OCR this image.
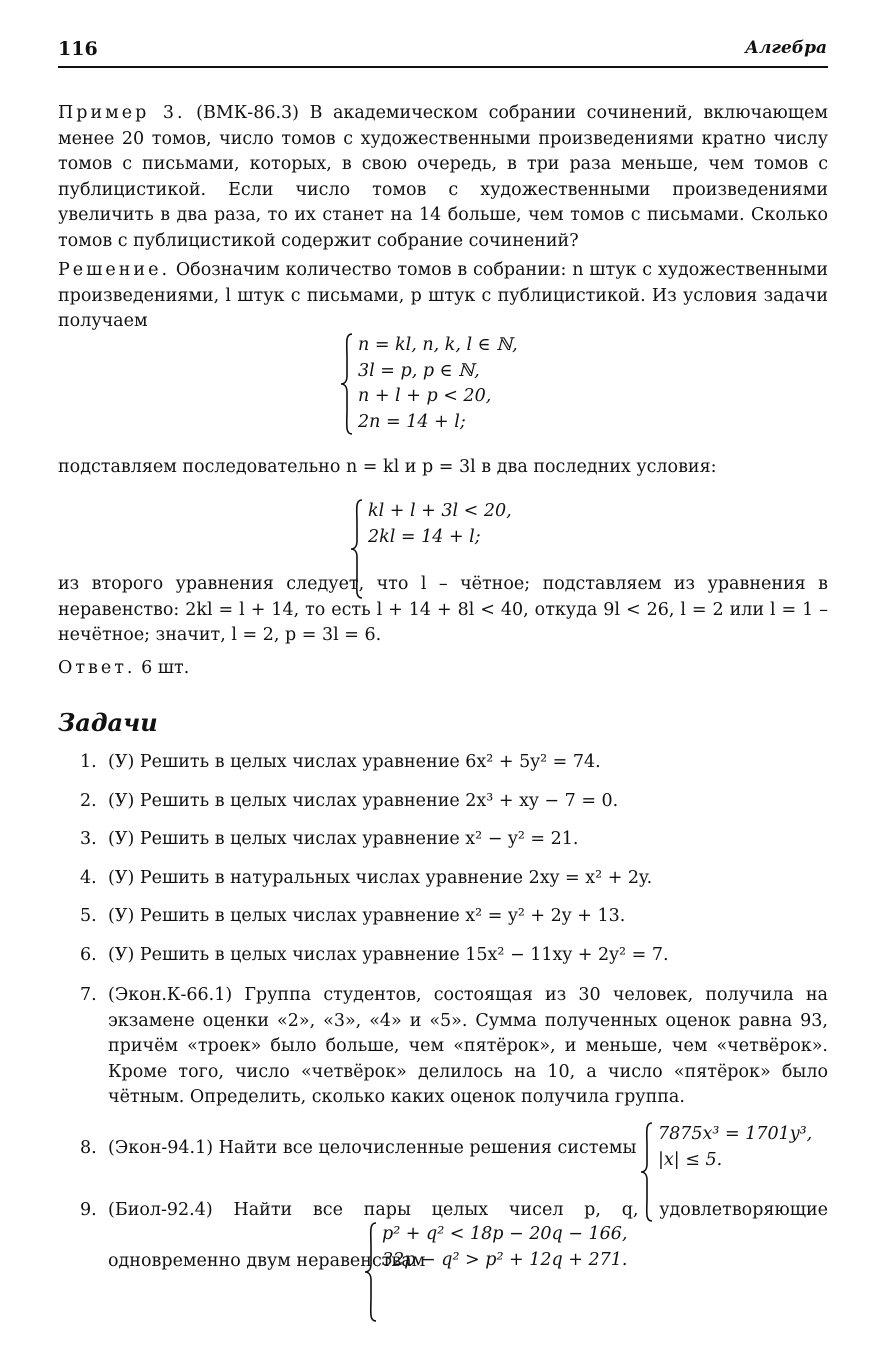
116	Алгебра
Пример 3. (ВМК-86.3) В академическом собрании сочинений, включающем менее 20 томов, число томов с художественными произведениями кратно числу томов с письмами, которых, в свою очередь, в три раза меньше, чем томов с публицистикой. Если число томов с художественными произведениями увеличить в два раза, то их станет на 14 больше, чем томов с письмами. Сколько томов с публицистикой содержит собрание сочинений?
Решение. Обозначим количество томов в собрании: n штук с художественными произведениями, l штук с письмами, p штук с публицистикой. Из условия задачи получаем
n = kl, n, k, l ∈ ℕ,
3l = p, p ∈ ℕ,
n + l + p < 20,
2n = 14 + l;
подставляем последовательно n = kl и p = 3l в два последних условия:
kl + l + 3l < 20,
2kl = 14 + l;
из второго уравнения следует, что l – чётное; подставляем из уравнения в неравенство: 2kl = l + 14, то есть l + 14 + 8l < 40, откуда 9l < 26, l = 2 или l = 1 – нечётное; значит, l = 2, p = 3l = 6.
Ответ. 6 шт.
Задачи
1. (У) Решить в целых числах уравнение 6x² + 5y² = 74.
2. (У) Решить в целых числах уравнение 2x³ + xy − 7 = 0.
3. (У) Решить в целых числах уравнение x² − y² = 21.
4. (У) Решить в натуральных числах уравнение 2xy = x² + 2y.
5. (У) Решить в целых числах уравнение x² = y² + 2y + 13.
6. (У) Решить в целых числах уравнение 15x² − 11xy + 2y² = 7.
7. (Экон.К-66.1) Группа студентов, состоящая из 30 человек, получила на экзамене оценки «2», «3», «4» и «5». Сумма полученных оценок равна 93, причём «троек» было больше, чем «пятёрок», и меньше, чем «четвёрок». Кроме того, число «четвёрок» делилось на 10, а число «пятёрок» было чётным. Определить, сколько каких оценок получила группа.
8. (Экон-94.1) Найти все целочисленные решения системы
7875x³ = 1701y³,
|x| ≤ 5.
9. (Биол-92.4) Найти все пары целых чисел p, q, удовлетворяющие
одновременно двум неравенствам
p² + q² < 18p − 20q − 166,
32p − q² > p² + 12q + 271.
